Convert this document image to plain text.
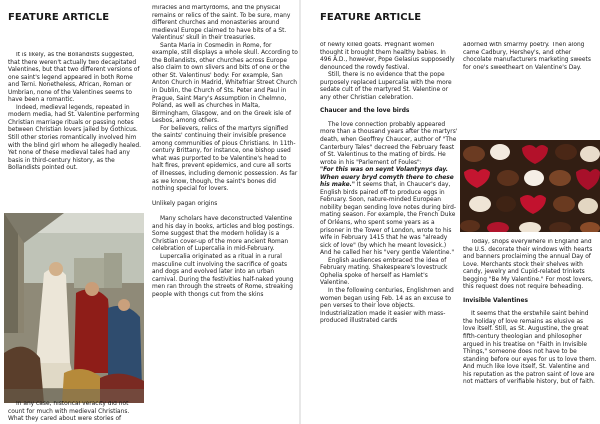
FEATURE ARTICLE

It is likely, as the Bollandists suggested, that there weren't actually two decapitated Valentines, but that two different versions of one saint's legend appeared in both Rome and Terni. Nonetheless, African, Roman or Umbrian, none of the Valentines seems to have been a romantic.

Indeed, medieval legends, repeated in modern media, had St. Valentine performing Christian marriage rituals or passing notes between Christian lovers jailed by Gothicus. Still other stories romantically involved him with the blind girl whom he allegedly healed. Yet none of these medieval tales had any basis in third-century history, as the Bollandists pointed out.

In any case, historical veracity did not count for much with medieval Christians. What they cared about were stories of

miracles and martyrdoms, and the physical remains or relics of the saint. To be sure, many different churches and monasteries around medieval Europe claimed to have bits of a St. Valentinus' skull in their treasuries.

Santa Maria in Cosmedin in Rome, for example, still displays a whole skull. According to the Bollandists, other churches across Europe also claim to own slivers and bits of one or the other St. Valentinus' body: For example, San Anton Church in Madrid, Whitefriar Street Church in Dublin, the Church of Sts. Peter and Paul in Prague, Saint Mary's Assumption in Chelmno, Poland, as well as churches in Malta, Birmingham, Glasgow, and on the Greek isle of Lesbos, among others.

For believers, relics of the martyrs signified the saints' continuing their invisible presence among communities of pious Christians. In 11th-century Brittany, for instance, one bishop used what was purported to be Valentine's head to halt fires, prevent epidemics, and cure all sorts of illnesses, including demonic possession. As far as we know, though, the saint's bones did nothing special for lovers.

Unlikely pagan origins

Many scholars have deconstructed Valentine and his day in books, articles and blog postings. Some suggest that the modern holiday is a Christian cover-up of the more ancient Roman celebration of Lupercalia in mid-February.

Lupercalia originated as a ritual in a rural masculine cult involving the sacrifice of goats and dogs and evolved later into an urban carnival. During the festivities half-naked young men ran through the streets of Rome, streaking people with thongs cut from the skins

FEATURE ARTICLE

of newly killed goats. Pregnant women thought it brought them healthy babies. In 496 A.D., however, Pope Gelasius supposedly denounced the rowdy festival.

Still, there is no evidence that the pope purposely replaced Lupercalia with the more sedate cult of the martyred St. Valentine or any other Christian celebration.

Chaucer and the love birds

The love connection probably appeared more than a thousand years after the martyrs' death, when Geoffrey Chaucer, author of "The Canterbury Tales" decreed the February feast of St. Valentinus to the mating of birds. He wrote in his "Parlement of Foules":

"For this was on seynt Volantynys day. When euery bryd comyth there to chese his make." It seems that, in Chaucer's day, English birds paired off to produce eggs in February. Soon, nature-minded European nobility began sending love notes during bird-mating season. For example, the French Duke of Orléans, who spent some years as a prisoner in the Tower of London, wrote to his wife in February 1415 that he was "already sick of love" (by which he meant lovesick.) And he called her his "very gentle Valentine."

English audiences embraced the idea of February mating. Shakespeare's lovestruck Ophelia spoke of herself as Hamlet's Valentine.

In the following centuries, Englishmen and women began using Feb. 14 as an excuse to pen verses to their love objects. Industrialization made it easier with mass-produced illustrated cards

adorned with smarmy poetry. Then along came Cadbury, Hershey's, and other chocolate manufacturers marketing sweets for one's sweetheart on Valentine's Day.

Today, shops everywhere in England and the U.S. decorate their windows with hearts and banners proclaiming the annual Day of Love. Merchants stock their shelves with candy, jewelry and Cupid-related trinkets begging "Be My Valentine." For most lovers, this request does not require beheading.

Invisible Valentines

It seems that the erstwhile saint behind the holiday of love remains as elusive as love itself. Still, as St. Augustine, the great fifth-century theologian and philosopher argued in his treatise on "Faith in Invisible Things," someone does not have to be standing before our eyes for us to love them. And much like love itself, St. Valentine and his reputation as the patron saint of love are not matters of verifiable history, but of faith.
